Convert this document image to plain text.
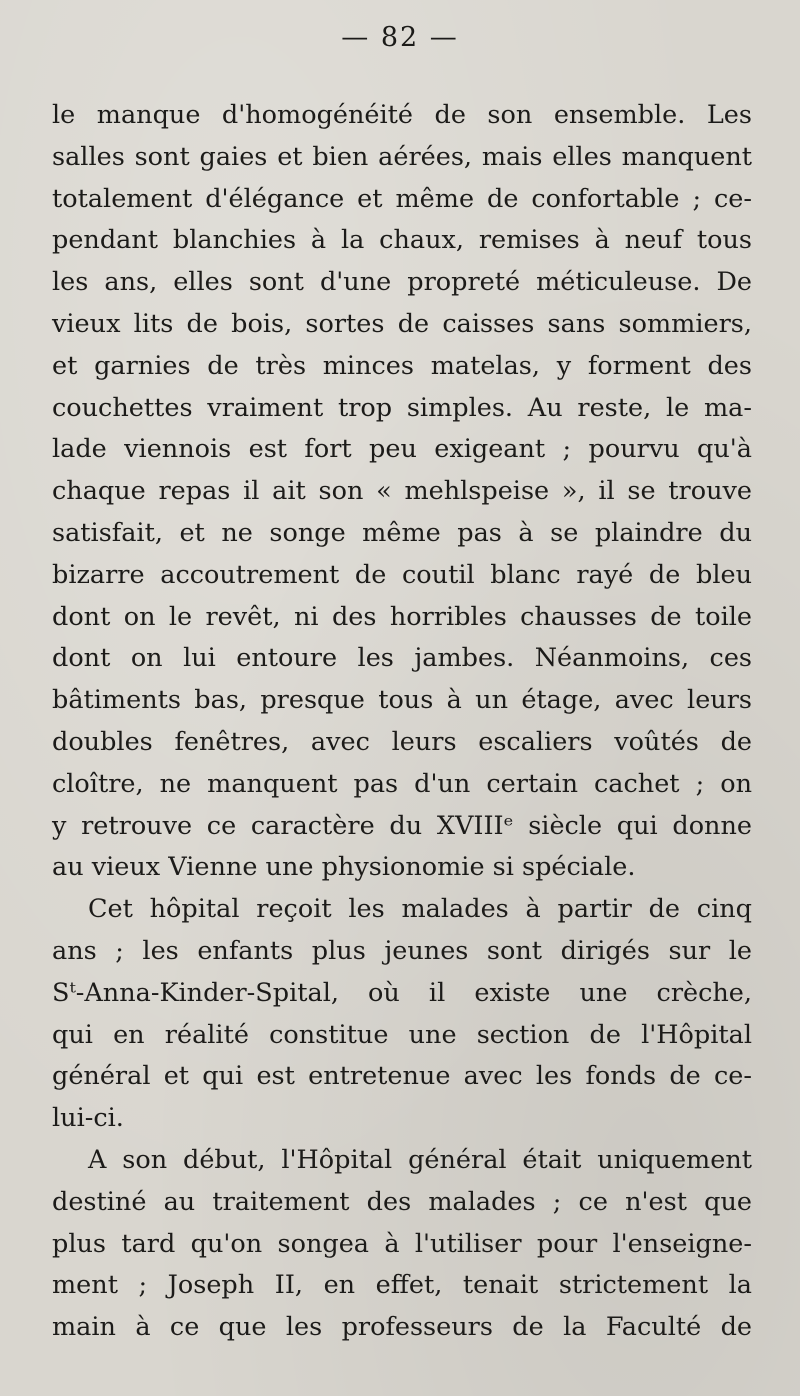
— 82 —
le manque d'homogénéité de son ensemble. Les
salles sont gaies et bien aérées, mais elles manquent
totalement d'élégance et même de confortable ; ce-
pendant blanchies à la chaux, remises à neuf tous
les ans, elles sont d'une propreté méticuleuse. De
vieux lits de bois, sortes de caisses sans sommiers,
et garnies de très minces matelas, y forment des
couchettes vraiment trop simples. Au reste, le ma-
lade viennois est fort peu exigeant ; pourvu qu'à
chaque repas il ait son « mehlspeise », il se trouve
satisfait, et ne songe même pas à se plaindre du
bizarre accoutrement de coutil blanc rayé de bleu
dont on le revêt, ni des horribles chausses de toile
dont on lui entoure les jambes. Néanmoins, ces
bâtiments bas, presque tous à un étage, avec leurs
doubles fenêtres, avec leurs escaliers voûtés de
cloître, ne manquent pas d'un certain cachet ; on
y retrouve ce caractère du XVIIIᵉ siècle qui donne
au vieux Vienne une physionomie si spéciale.
Cet hôpital reçoit les malades à partir de cinq
ans ; les enfants plus jeunes sont dirigés sur le
Sᵗ-Anna-Kinder-Spital, où il existe une crèche,
qui en réalité constitue une section de l'Hôpital
général et qui est entretenue avec les fonds de ce-
lui-ci.
A son début, l'Hôpital général était uniquement
destiné au traitement des malades ; ce n'est que
plus tard qu'on songea à l'utiliser pour l'enseigne-
ment ; Joseph II, en effet, tenait strictement la
main à ce que les professeurs de la Faculté de
